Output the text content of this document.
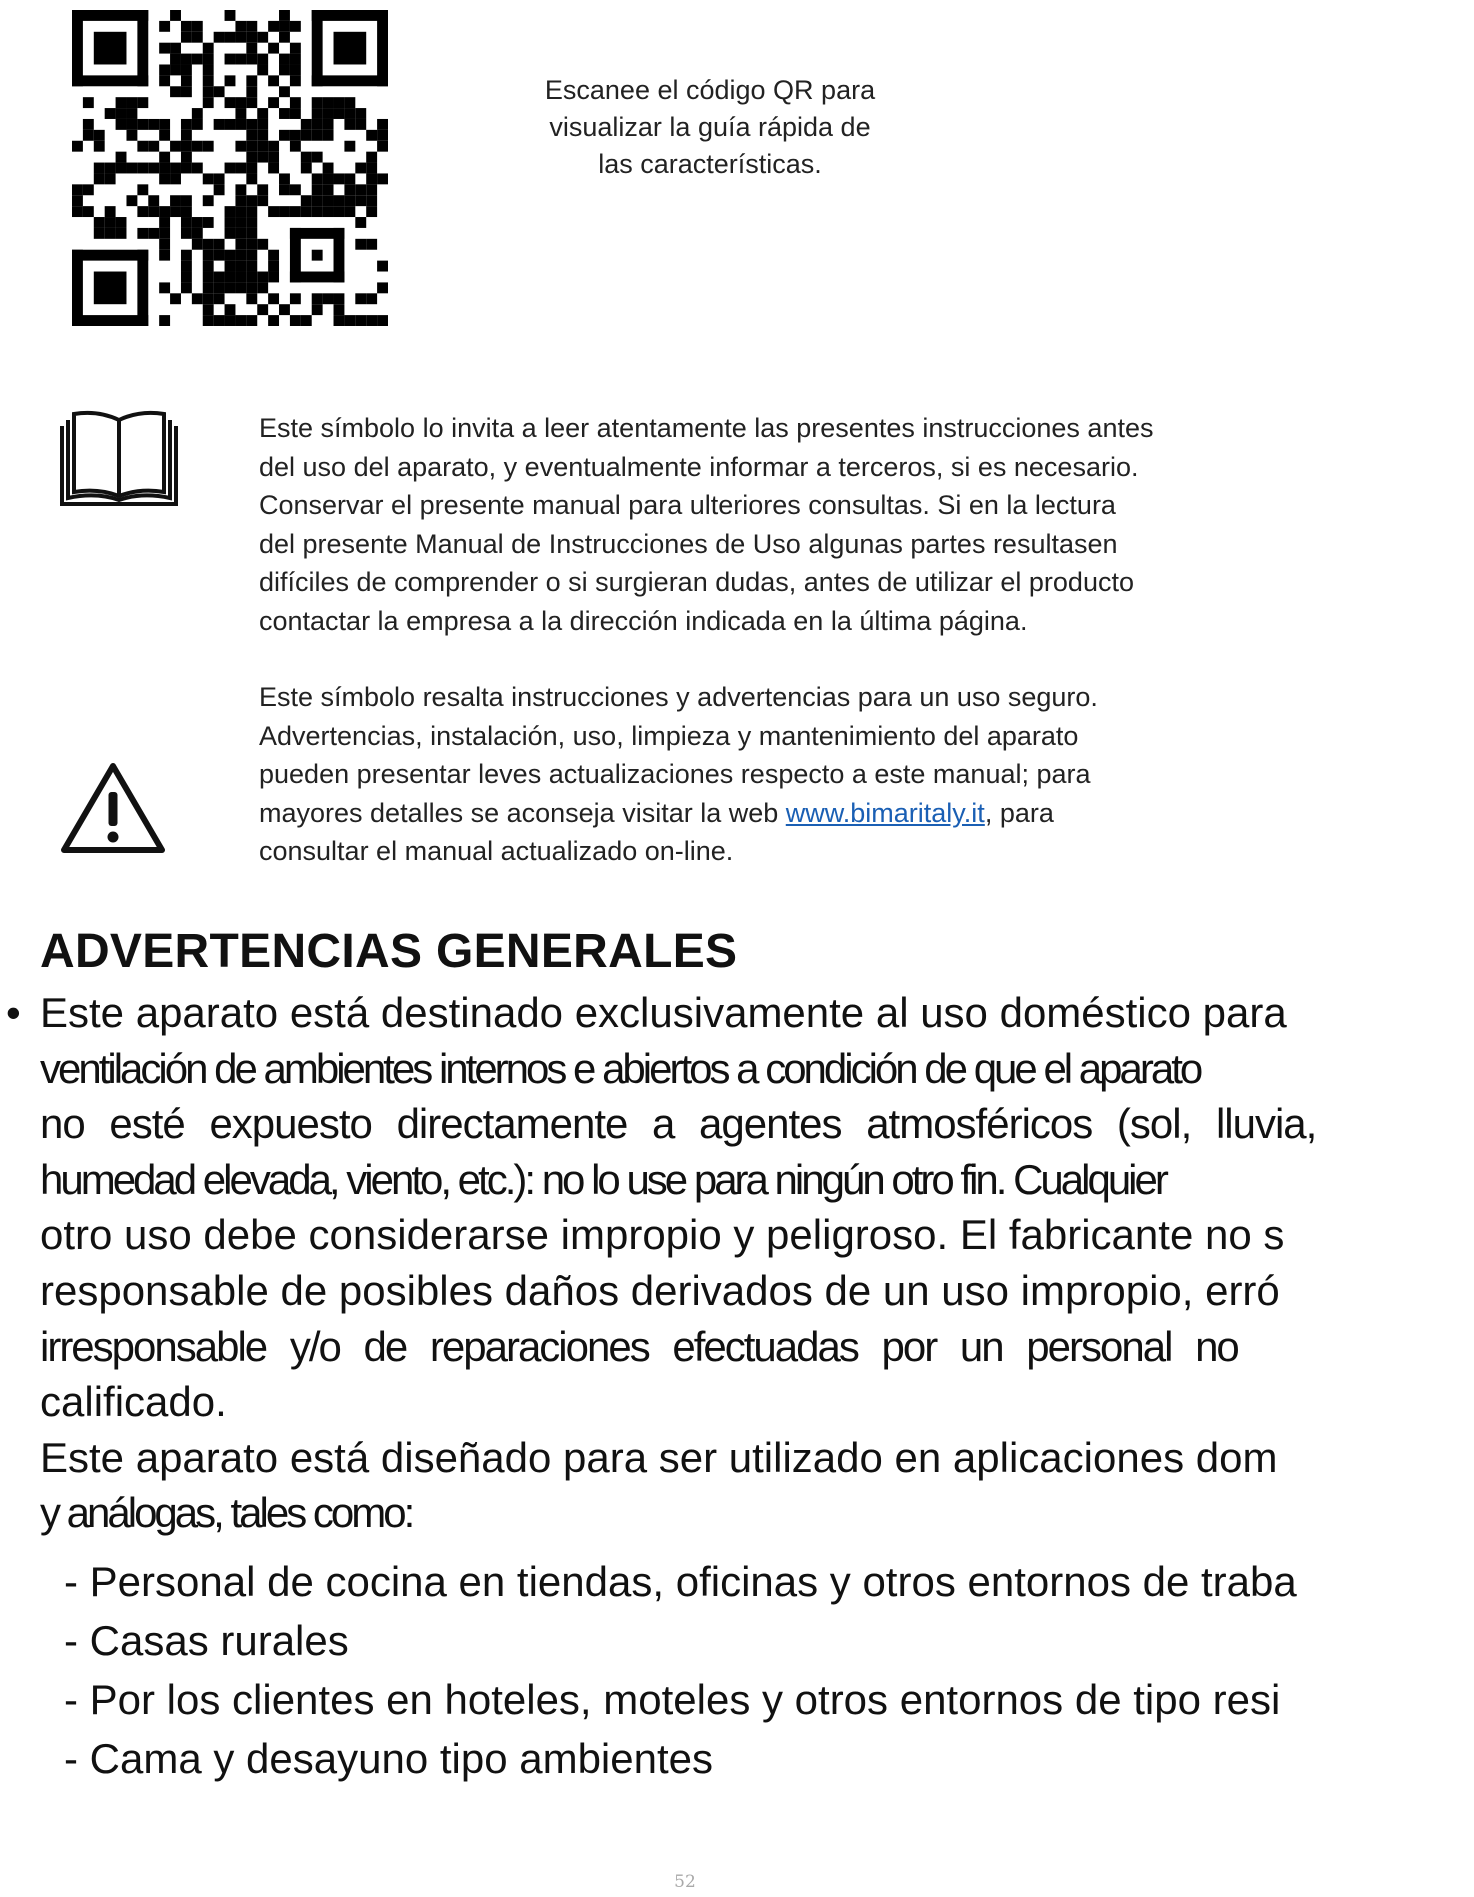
Escanee el código QR para visualizar la guía rápida de
las características.
Este símbolo lo invita a leer atentamente las presentes instrucciones antes
del uso del aparato, y eventualmente informar a terceros, si es necesario.
Conservar el presente manual para ulteriores consultas. Si en la lectura
del presente Manual de Instrucciones de Uso algunas partes resultasen
difíciles de comprender o si surgieran dudas, antes de utilizar el producto
contactar la empresa a la dirección indicada en la última página.
Este símbolo resalta instrucciones y advertencias para un uso seguro.
Advertencias, instalación, uso, limpieza y mantenimiento del aparato
pueden presentar leves actualizaciones respecto a este manual; para
mayores detalles se aconseja visitar la web www.bimaritaly.it, para
consultar el manual actualizado on-line.
ADVERTENCIAS GENERALES
Este aparato está destinado exclusivamente al uso doméstico para
ventilación de ambientes internos e abiertos a condición de que el aparato
no esté expuesto directamente a agentes atmosféricos (sol, lluvia,
humedad elevada, viento, etc.): no lo use para ningún otro fin. Cualquier
otro uso debe considerarse impropio y peligroso. El fabricante no s
responsable de posibles daños derivados de un uso impropio, erró
irresponsable y/o de reparaciones efectuadas por un personal no
calificado.
Este aparato está diseñado para ser utilizado en aplicaciones dom
y análogas, tales como:
•
- Personal de cocina en tiendas, oficinas y otros entornos de traba
- Casas rurales
- Por los clientes en hoteles, moteles y otros entornos de tipo resi
- Cama y desayuno tipo ambientes
52
